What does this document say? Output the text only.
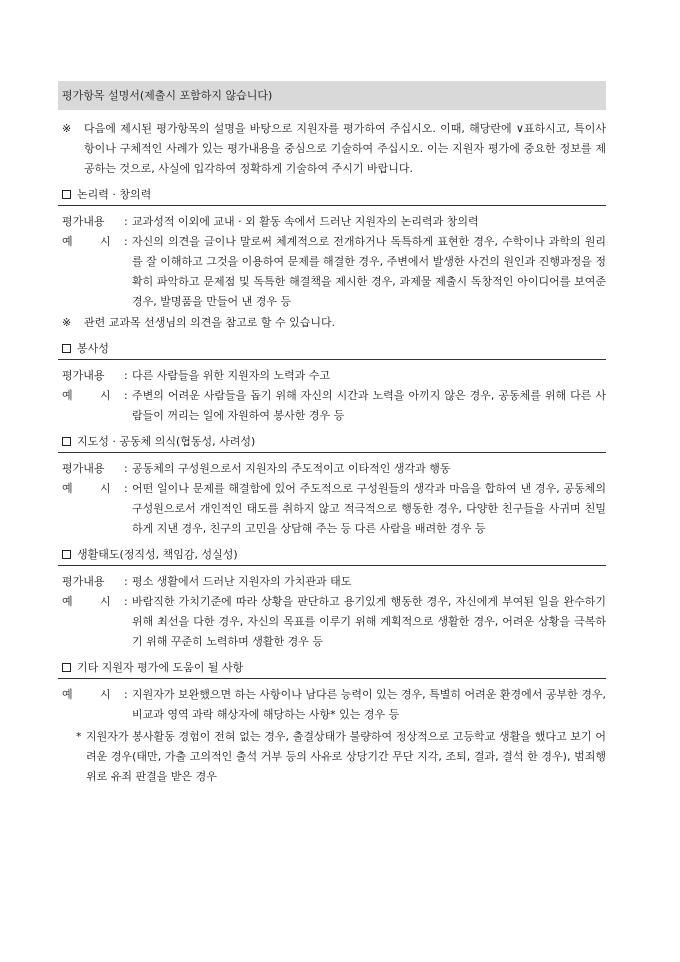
평가항목 설명서(제출시 포함하지 않습니다)
※	다음에 제시된 평가항목의 설명을 바탕으로 지원자를 평가하여 주십시오. 이때, 해당란에 ∨표하시고, 특이사항이나 구체적인 사례가 있는 평가내용을 중심으로 기술하여 주십시오. 이는 지원자 평가에 중요한 정보를 제공하는 것으로, 사실에 입각하여 정확하게 기술하여 주시기 바랍니다.
논리력 · 창의력
평가내용 : 교과성적 이외에 교내 · 외 활동 속에서 드러난 지원자의 논리력과 창의력
예 시 : 자신의 의견을 글이나 말로써 체계적으로 전개하거나 독특하게 표현한 경우, 수학이나 과학의 원리를 잘 이해하고 그것을 이용하여 문제를 해결한 경우, 주변에서 발생한 사건의 원인과 진행과정을 정확히 파악하고 문제점 및 독특한 해결책을 제시한 경우, 과제물 제출시 독창적인 아이디어를 보여준 경우, 발명품을 만들어 낸 경우 등
※	관련 교과목 선생님의 의견을 참고로 할 수 있습니다.
봉사성
평가내용 : 다른 사람들을 위한 지원자의 노력과 수고
예 시 : 주변의 어려운 사람들을 돕기 위해 자신의 시간과 노력을 아끼지 않은 경우, 공동체를 위해 다른 사람들이 꺼리는 일에 자원하여 봉사한 경우 등
지도성 · 공동체 의식(협동성, 사려성)
평가내용 : 공동체의 구성원으로서 지원자의 주도적이고 이타적인 생각과 행동
예 시 : 어떤 일이나 문제를 해결함에 있어 주도적으로 구성원들의 생각과 마음을 합하여 낸 경우, 공동체의 구성원으로서 개인적인 태도를 취하지 않고 적극적으로 행동한 경우, 다양한 친구들을 사귀며 친밀하게 지낸 경우, 친구의 고민을 상담해 주는 등 다른 사람을 배려한 경우 등
생활태도(정직성, 책임감, 성실성)
평가내용 : 평소 생활에서 드러난 지원자의 가치관과 태도
예 시 : 바람직한 가치기준에 따라 상황을 판단하고 용기있게 행동한 경우, 자신에게 부여된 일을 완수하기 위해 최선을 다한 경우, 자신의 목표를 이루기 위해 계획적으로 생활한 경우, 어려운 상황을 극복하기 위해 꾸준히 노력하며 생활한 경우 등
기타 지원자 평가에 도움이 될 사항
예 시 : 지원자가 보완했으면 하는 사항이나 남다른 능력이 있는 경우, 특별히 어려운 환경에서 공부한 경우, 비교과 영역 과락 해상자에 해당하는 사항* 있는 경우 등
* 지원자가 봉사활동 경험이 전혀 없는 경우, 출결상태가 불량하여 정상적으로 고등학교 생활을 했다고 보기 어려운 경우(태만, 가출 고의적인 출석 거부 등의 사유로 상당기간 무단 지각, 조퇴, 결과, 결석 한 경우), 범죄행위로 유죄 판결을 받은 경우
